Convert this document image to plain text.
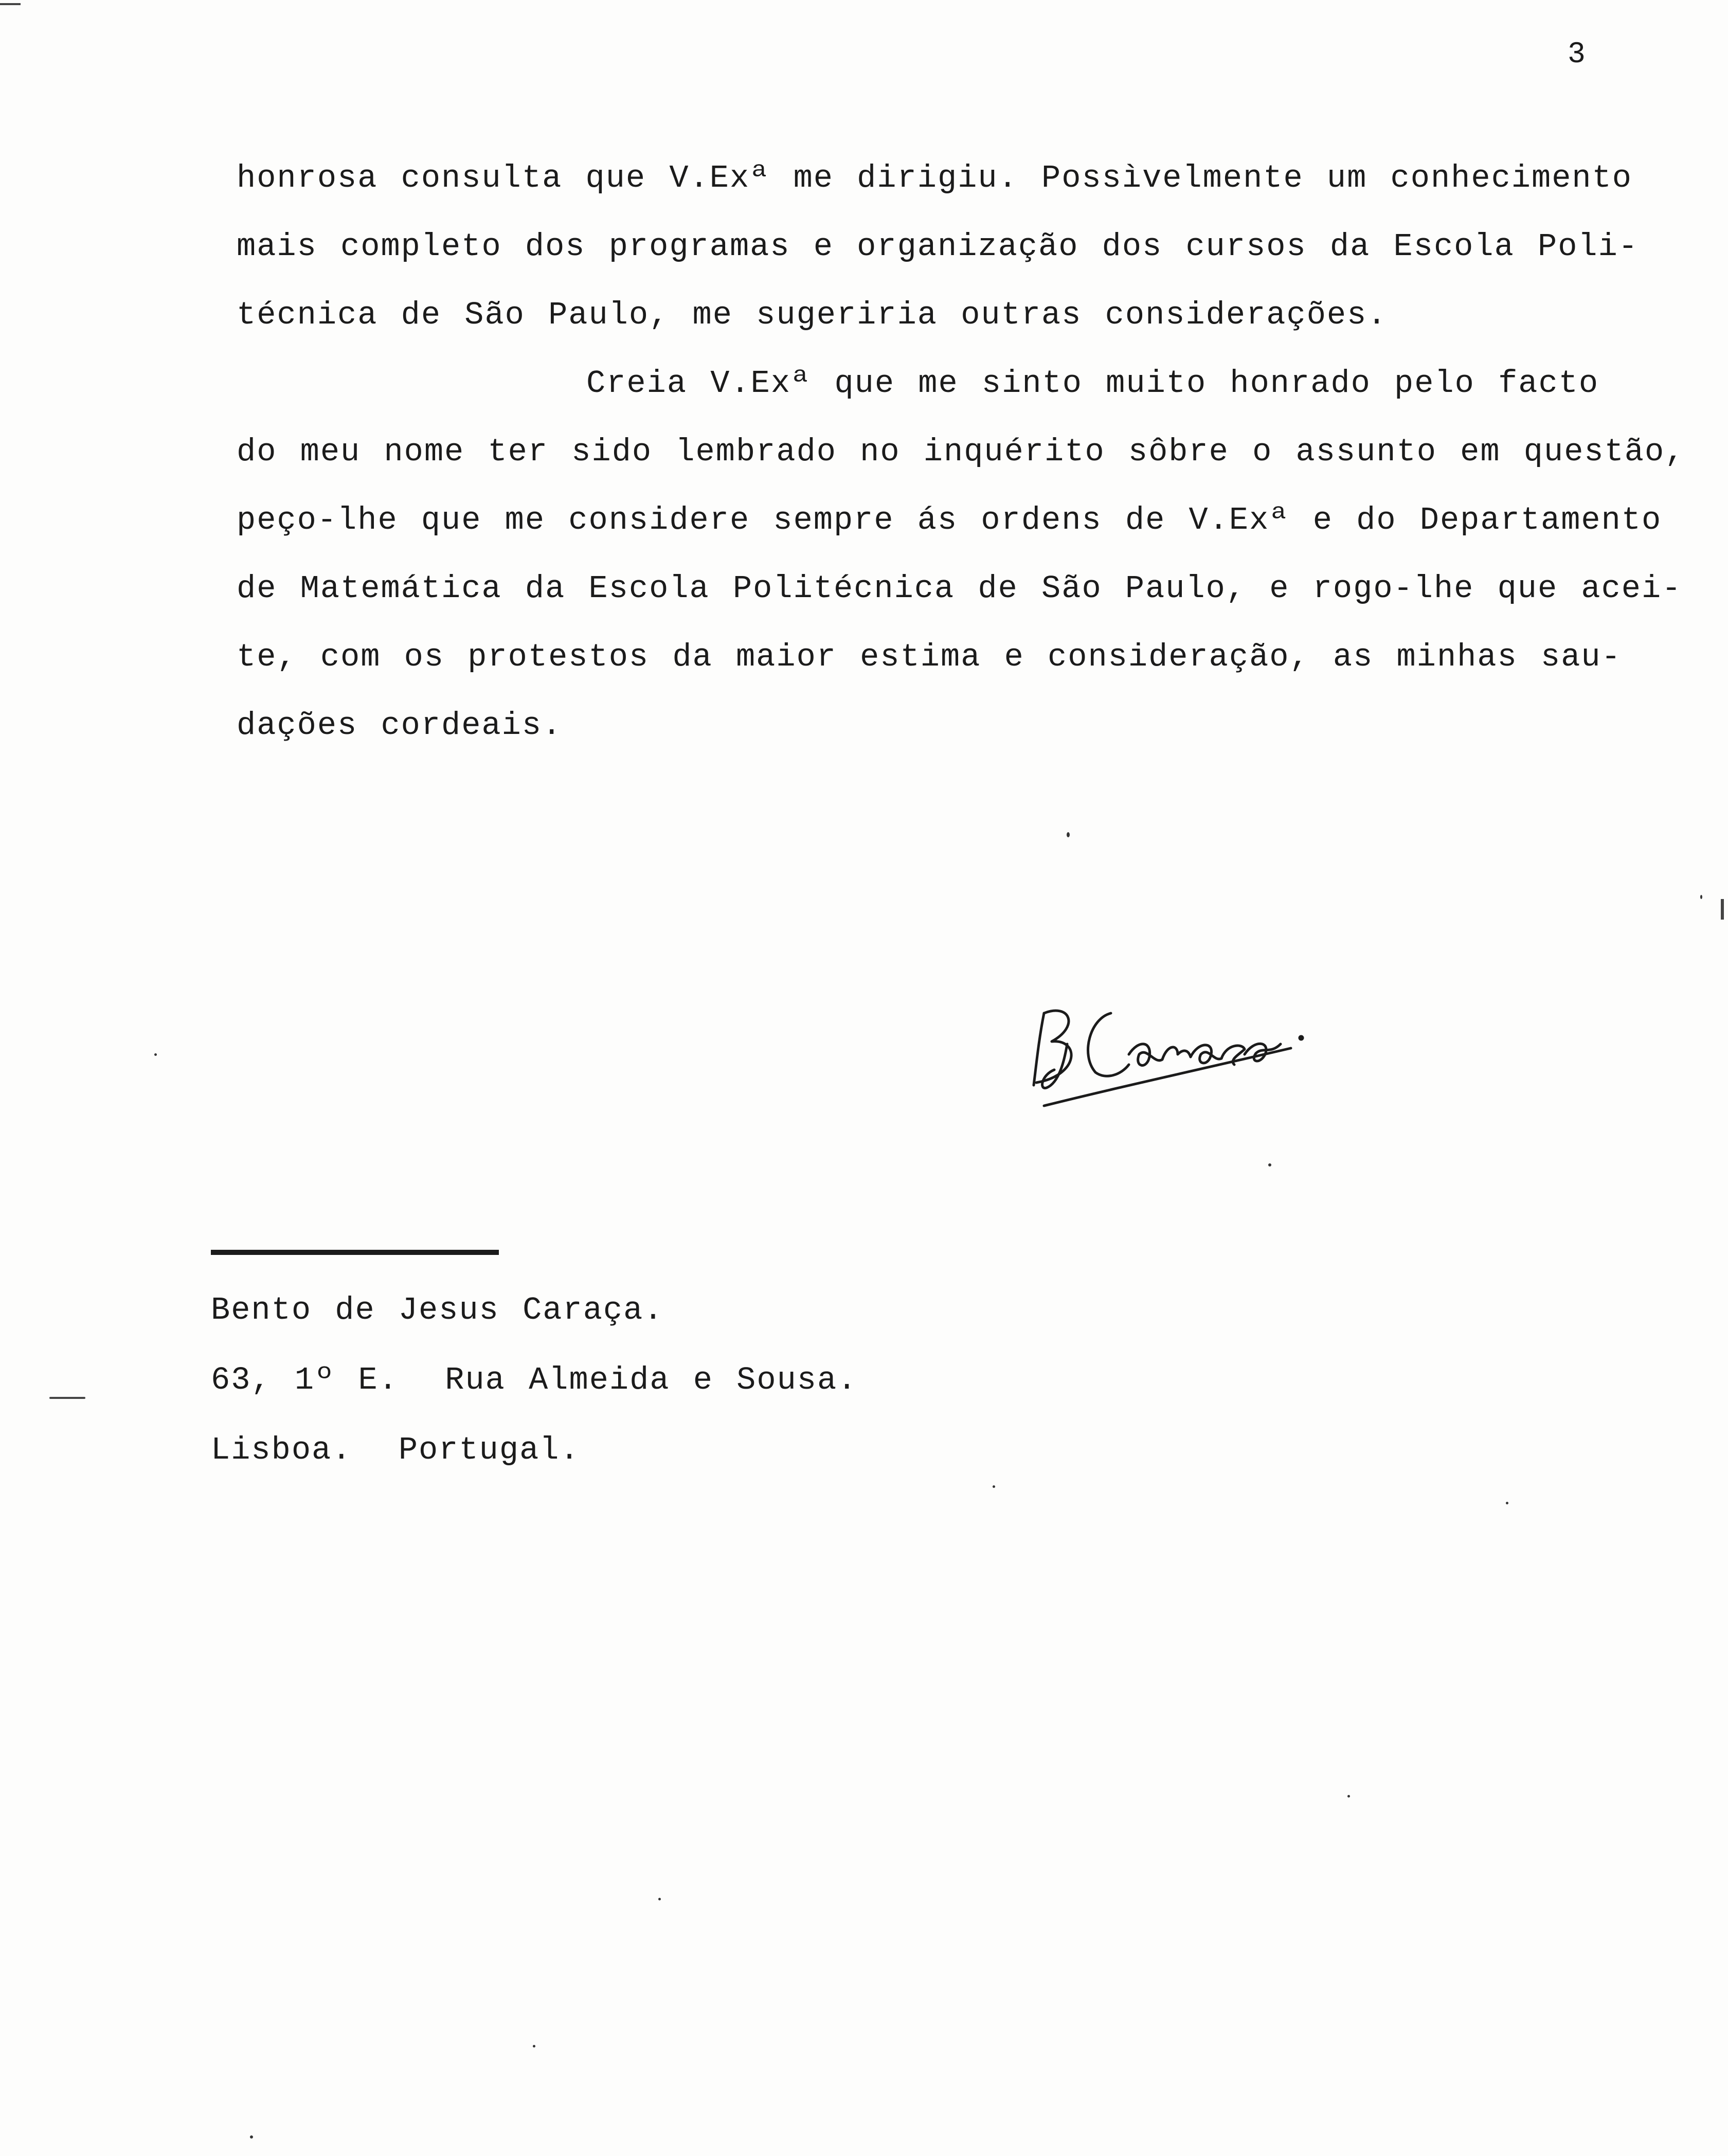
3
honrosa consulta que V.Exª me dirigiu. Possìvelmente um conhecimento
mais completo dos programas e organização dos cursos da Escola Poli-
técnica de São Paulo, me sugeriria outras considerações.
Creia V.Exª que me sinto muito honrado pelo facto
do meu nome ter sido lembrado no inquérito sôbre o assunto em questão,
peço-lhe que me considere sempre ás ordens de V.Exª e do Departamento
de Matemática da Escola Politécnica de São Paulo, e rogo-lhe que acei-
te, com os protestos da maior estima e consideração, as minhas sau-
dações cordeais.
Bento de Jesus Caraça.
63, 1º E.  Rua Almeida e Sousa.
Lisboa.  Portugal.
